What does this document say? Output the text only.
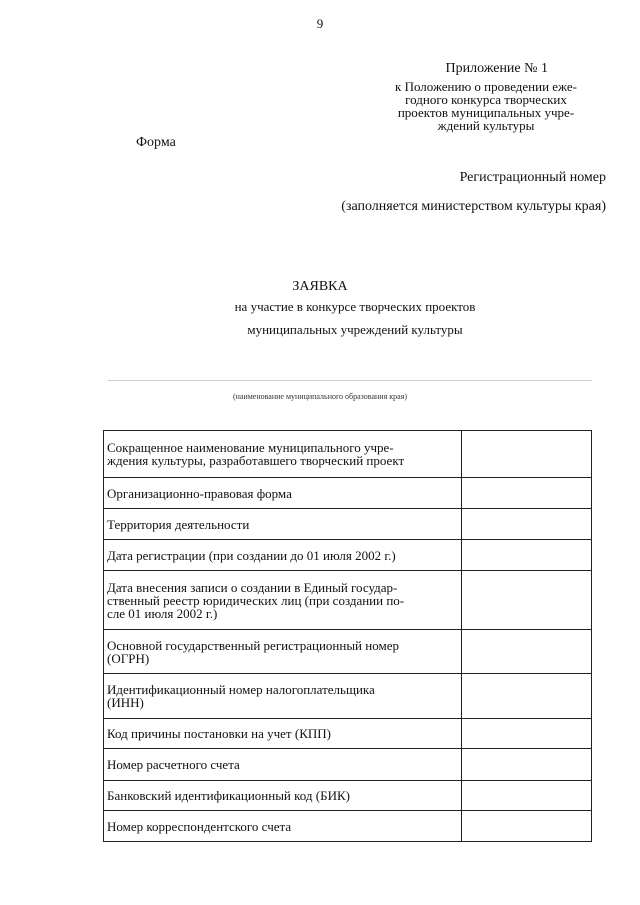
9
Приложение № 1
к Положению о проведении еже-
годного конкурса творческих
проектов муниципальных учре-
ждений культуры
Форма
Регистрационный номер
(заполняется министерством культуры края)
ЗАЯВКА
на участие в конкурсе творческих проектов
муниципальных учреждений культуры
(наименование муниципального образования края)
Сокращенное наименование муниципального учре-
ждения культуры, разработавшего творческий проект	

Организационно-правовая форма	

Территория деятельности	

Дата регистрации (при создании до 01 июля 2002 г.)	

Дата внесения записи о создании в Единый государ-
ственный реестр юридических лиц (при создании по-
сле 01 июля 2002 г.)	

Основной государственный регистрационный номер
(ОГРН)	

Идентификационный номер налогоплательщика
(ИНН)	

Код причины постановки на учет (КПП)	

Номер расчетного счета	

Банковский идентификационный код (БИК)	

Номер корреспондентского счета	
